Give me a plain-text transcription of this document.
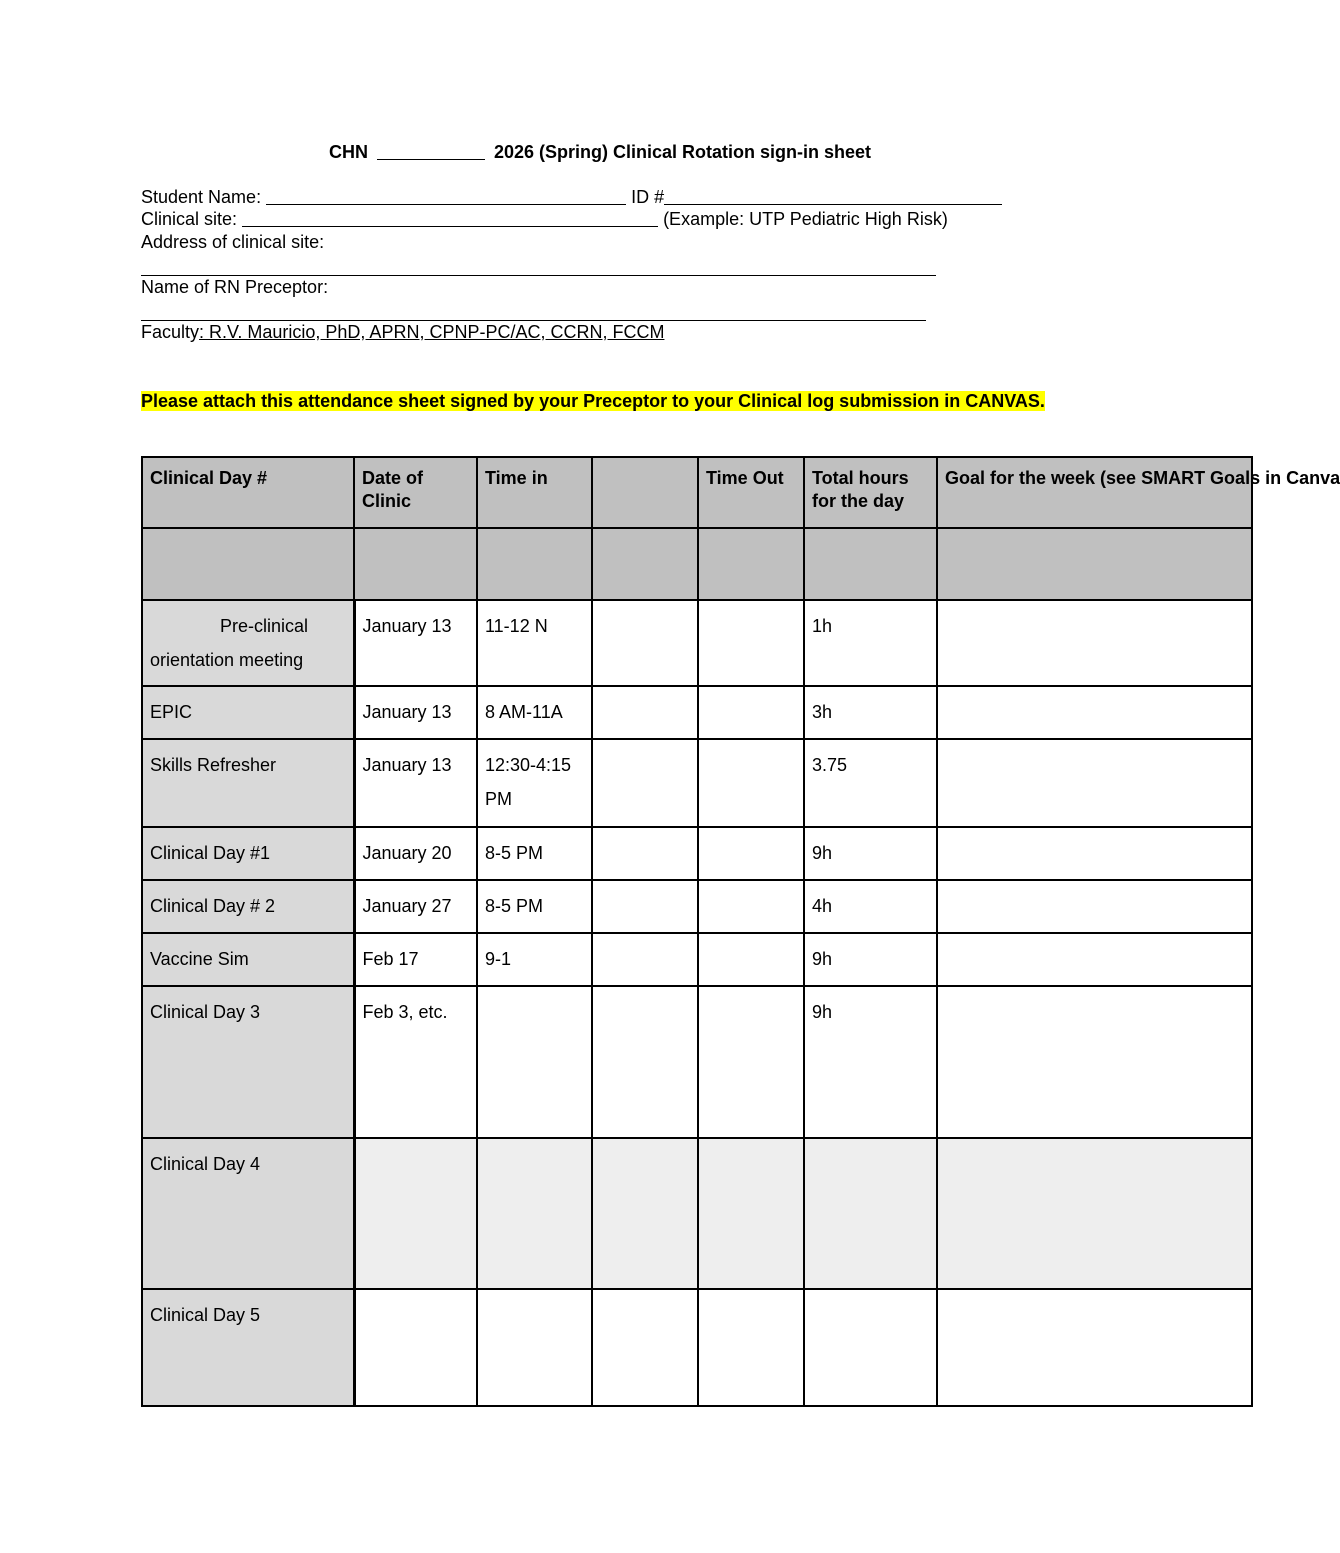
CHN	2026 (Spring) Clinical Rotation sign-in sheet
Student Name:	ID #
Clinical site:	(Example: UTP Pediatric High Risk)
Address of clinical site:
Name of RN Preceptor:
Faculty: R.V. Mauricio, PhD, APRN, CPNP-PC/AC, CCRN, FCCM
Please attach this attendance sheet signed by your Preceptor to your Clinical log submission in CANVAS.
Clinical Day #	Date of Clinic	Time in		Time Out	Total hours for the day	Goal for the week (see SMART Goals in Canva

Pre-clinical orientation meeting	January 13	11-12 N			1h	
EPIC	January 13	8 AM-11A			3h	
Skills Refresher	January 13	12:30-4:15 PM			3.75	
Clinical Day #1	January 20	8-5 PM			9h	
Clinical Day # 2	January 27	8-5 PM			4h	
Vaccine Sim	Feb 17	9-1			9h	
Clinical Day 3	Feb 3, etc.				9h	
Clinical Day 4						
Clinical Day 5						
